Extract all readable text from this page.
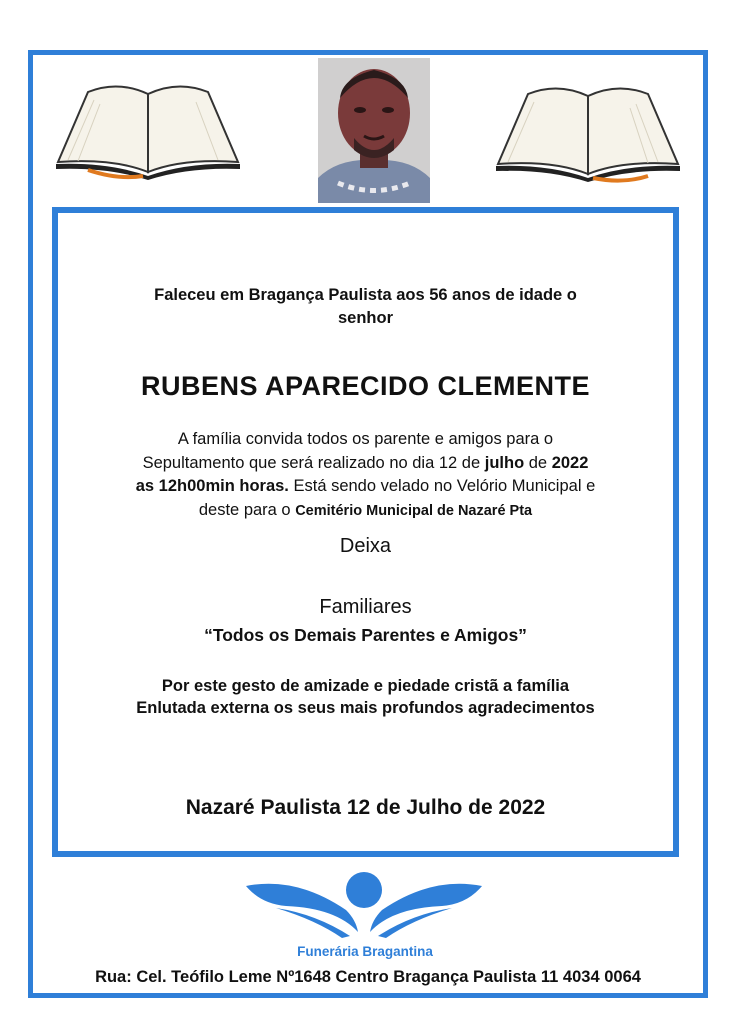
Faleceu em Bragança Paulista aos 56 anos de idade o
senhor
RUBENS APARECIDO CLEMENTE
A família convida todos os parente e amigos para o
Sepultamento que será realizado no dia 12 de julho de 2022
as 12h00min horas. Está sendo velado no Velório Municipal e
deste para o Cemitério Municipal de Nazaré Pta
Deixa
Familiares
“Todos os Demais Parentes e Amigos”
Por este gesto de amizade e piedade cristã a família
Enlutada externa os seus mais profundos agradecimentos
Nazaré Paulista 12 de Julho de 2022
Funerária Bragantina
Rua: Cel. Teófilo Leme Nº1648 Centro Bragança Paulista 11 4034 0064
